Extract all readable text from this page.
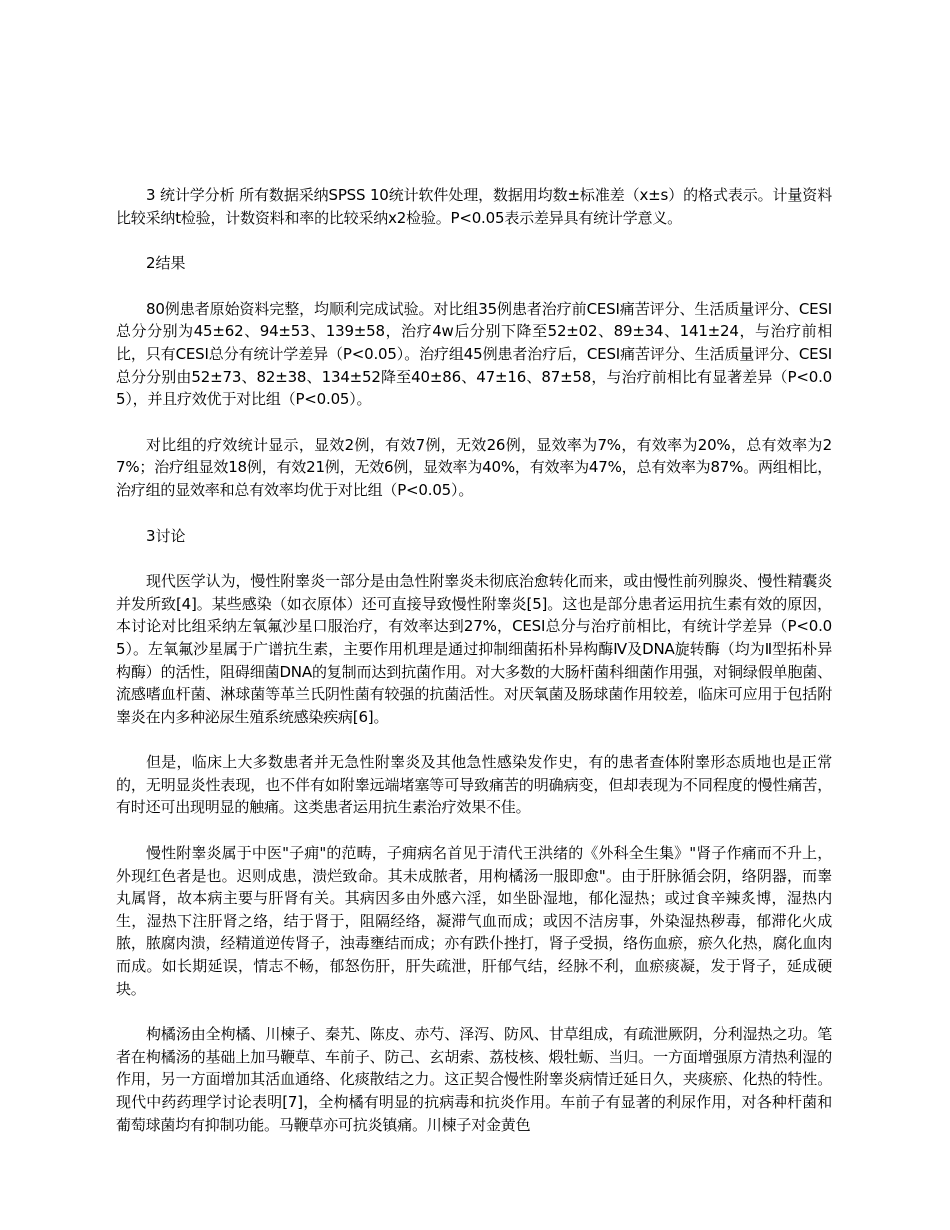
3 统计学分析 所有数据采纳SPSS 10统计软件处理，数据用均数±标准差（x±s）的格式表示。计量资料比较采纳t检验，计数资料和率的比较采纳x2检验。P<0.05表示差异具有统计学意义。

2结果

80例患者原始资料完整，均顺利完成试验。对比组35例患者治疗前CESI痛苦评分、生活质量评分、CESI总分分别为45±62、94±53、139±58，治疗4w后分别下降至52±02、89±34、141±24，与治疗前相比，只有CESI总分有统计学差异（P<0.05）。治疗组45例患者治疗后，CESI痛苦评分、生活质量评分、CESI总分分别由52±73、82±38、134±52降至40±86、47±16、87±58，与治疗前相比有显著差异（P<0.05），并且疗效优于对比组（P<0.05）。

对比组的疗效统计显示，显效2例，有效7例，无效26例，显效率为7%，有效率为20%，总有效率为27%；治疗组显效18例，有效21例，无效6例，显效率为40%，有效率为47%，总有效率为87%。两组相比，治疗组的显效率和总有效率均优于对比组（P<0.05）。

3讨论

现代医学认为，慢性附睾炎一部分是由急性附睾炎未彻底治愈转化而来，或由慢性前列腺炎、慢性精囊炎并发所致[4]。某些感染（如衣原体）还可直接导致慢性附睾炎[5]。这也是部分患者运用抗生素有效的原因，本讨论对比组采纳左氧氟沙星口服治疗，有效率达到27%，CESI总分与治疗前相比，有统计学差异（P<0.05）。左氧氟沙星属于广谱抗生素，主要作用机理是通过抑制细菌拓朴异构酶Ⅳ及DNA旋转酶（均为Ⅱ型拓朴异构酶）的活性，阻碍细菌DNA的复制而达到抗菌作用。对大多数的大肠杆菌科细菌作用强，对铜绿假单胞菌、流感嗜血杆菌、淋球菌等革兰氏阴性菌有较强的抗菌活性。对厌氧菌及肠球菌作用较差，临床可应用于包括附睾炎在内多种泌尿生殖系统感染疾病[6]。

但是，临床上大多数患者并无急性附睾炎及其他急性感染发作史，有的患者查体附睾形态质地也是正常的，无明显炎性表现，也不伴有如附睾远端堵塞等可导致痛苦的明确病变，但却表现为不同程度的慢性痛苦，有时还可出现明显的触痛。这类患者运用抗生素治疗效果不佳。

慢性附睾炎属于中医"子痈"的范畴，子痈病名首见于清代王洪绪的《外科全生集》"肾子作痛而不升上，外现红色者是也。迟则成患，溃烂致命。其未成脓者，用枸橘汤一服即愈"。由于肝脉循会阴，络阴器，而睾丸属肾，故本病主要与肝肾有关。其病因多由外感六淫，如坐卧湿地，郁化湿热；或过食辛辣炙博，湿热内生，湿热下注肝肾之络，结于肾于，阻隔经络，凝滞气血而成；或因不洁房事，外染湿热秽毒，郁滞化火成脓，脓腐肉溃，经精道逆传肾子，浊毒壅结而成；亦有跌仆挫打，肾子受损，络伤血瘀，瘀久化热，腐化血肉而成。如长期延误，情志不畅，郁怒伤肝，肝失疏泄，肝郁气结，经脉不利，血瘀痰凝，发于肾子，延成硬块。

枸橘汤由全枸橘、川楝子、秦艽、陈皮、赤芍、泽泻、防风、甘草组成，有疏泄厥阴，分利湿热之功。笔者在枸橘汤的基础上加马鞭草、车前子、防己、玄胡索、荔枝核、煅牡蛎、当归。一方面增强原方清热利湿的作用，另一方面增加其活血通络、化痰散结之力。这正契合慢性附睾炎病情迁延日久，夹痰瘀、化热的特性。现代中药药理学讨论表明[7]，全枸橘有明显的抗病毒和抗炎作用。车前子有显著的利尿作用，对各种杆菌和葡萄球菌均有抑制功能。马鞭草亦可抗炎镇痛。川楝子对金黄色
